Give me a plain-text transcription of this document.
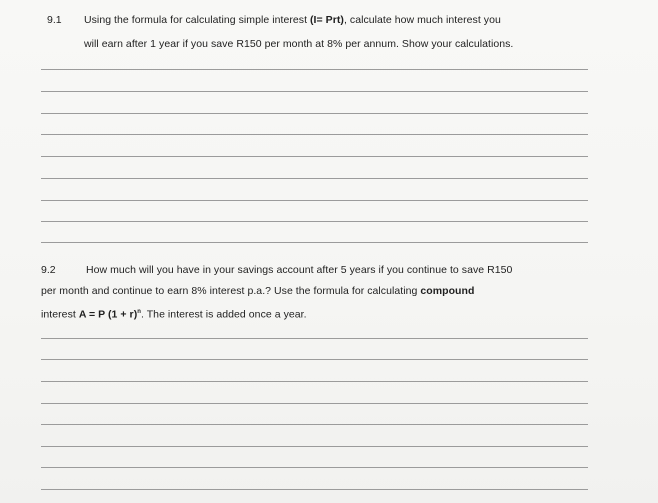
9.1 Using the formula for calculating simple interest (I= Prt), calculate how much interest you
will earn after 1 year if you save R150 per month at 8% per annum. Show your calculations.
9.2	How much will you have in your savings account after 5 years if you continue to save R150
per month and continue to earn 8% interest p.a.? Use the formula for calculating compound
interest A = P $(1 + r)^n$. The interest is added once a year.
